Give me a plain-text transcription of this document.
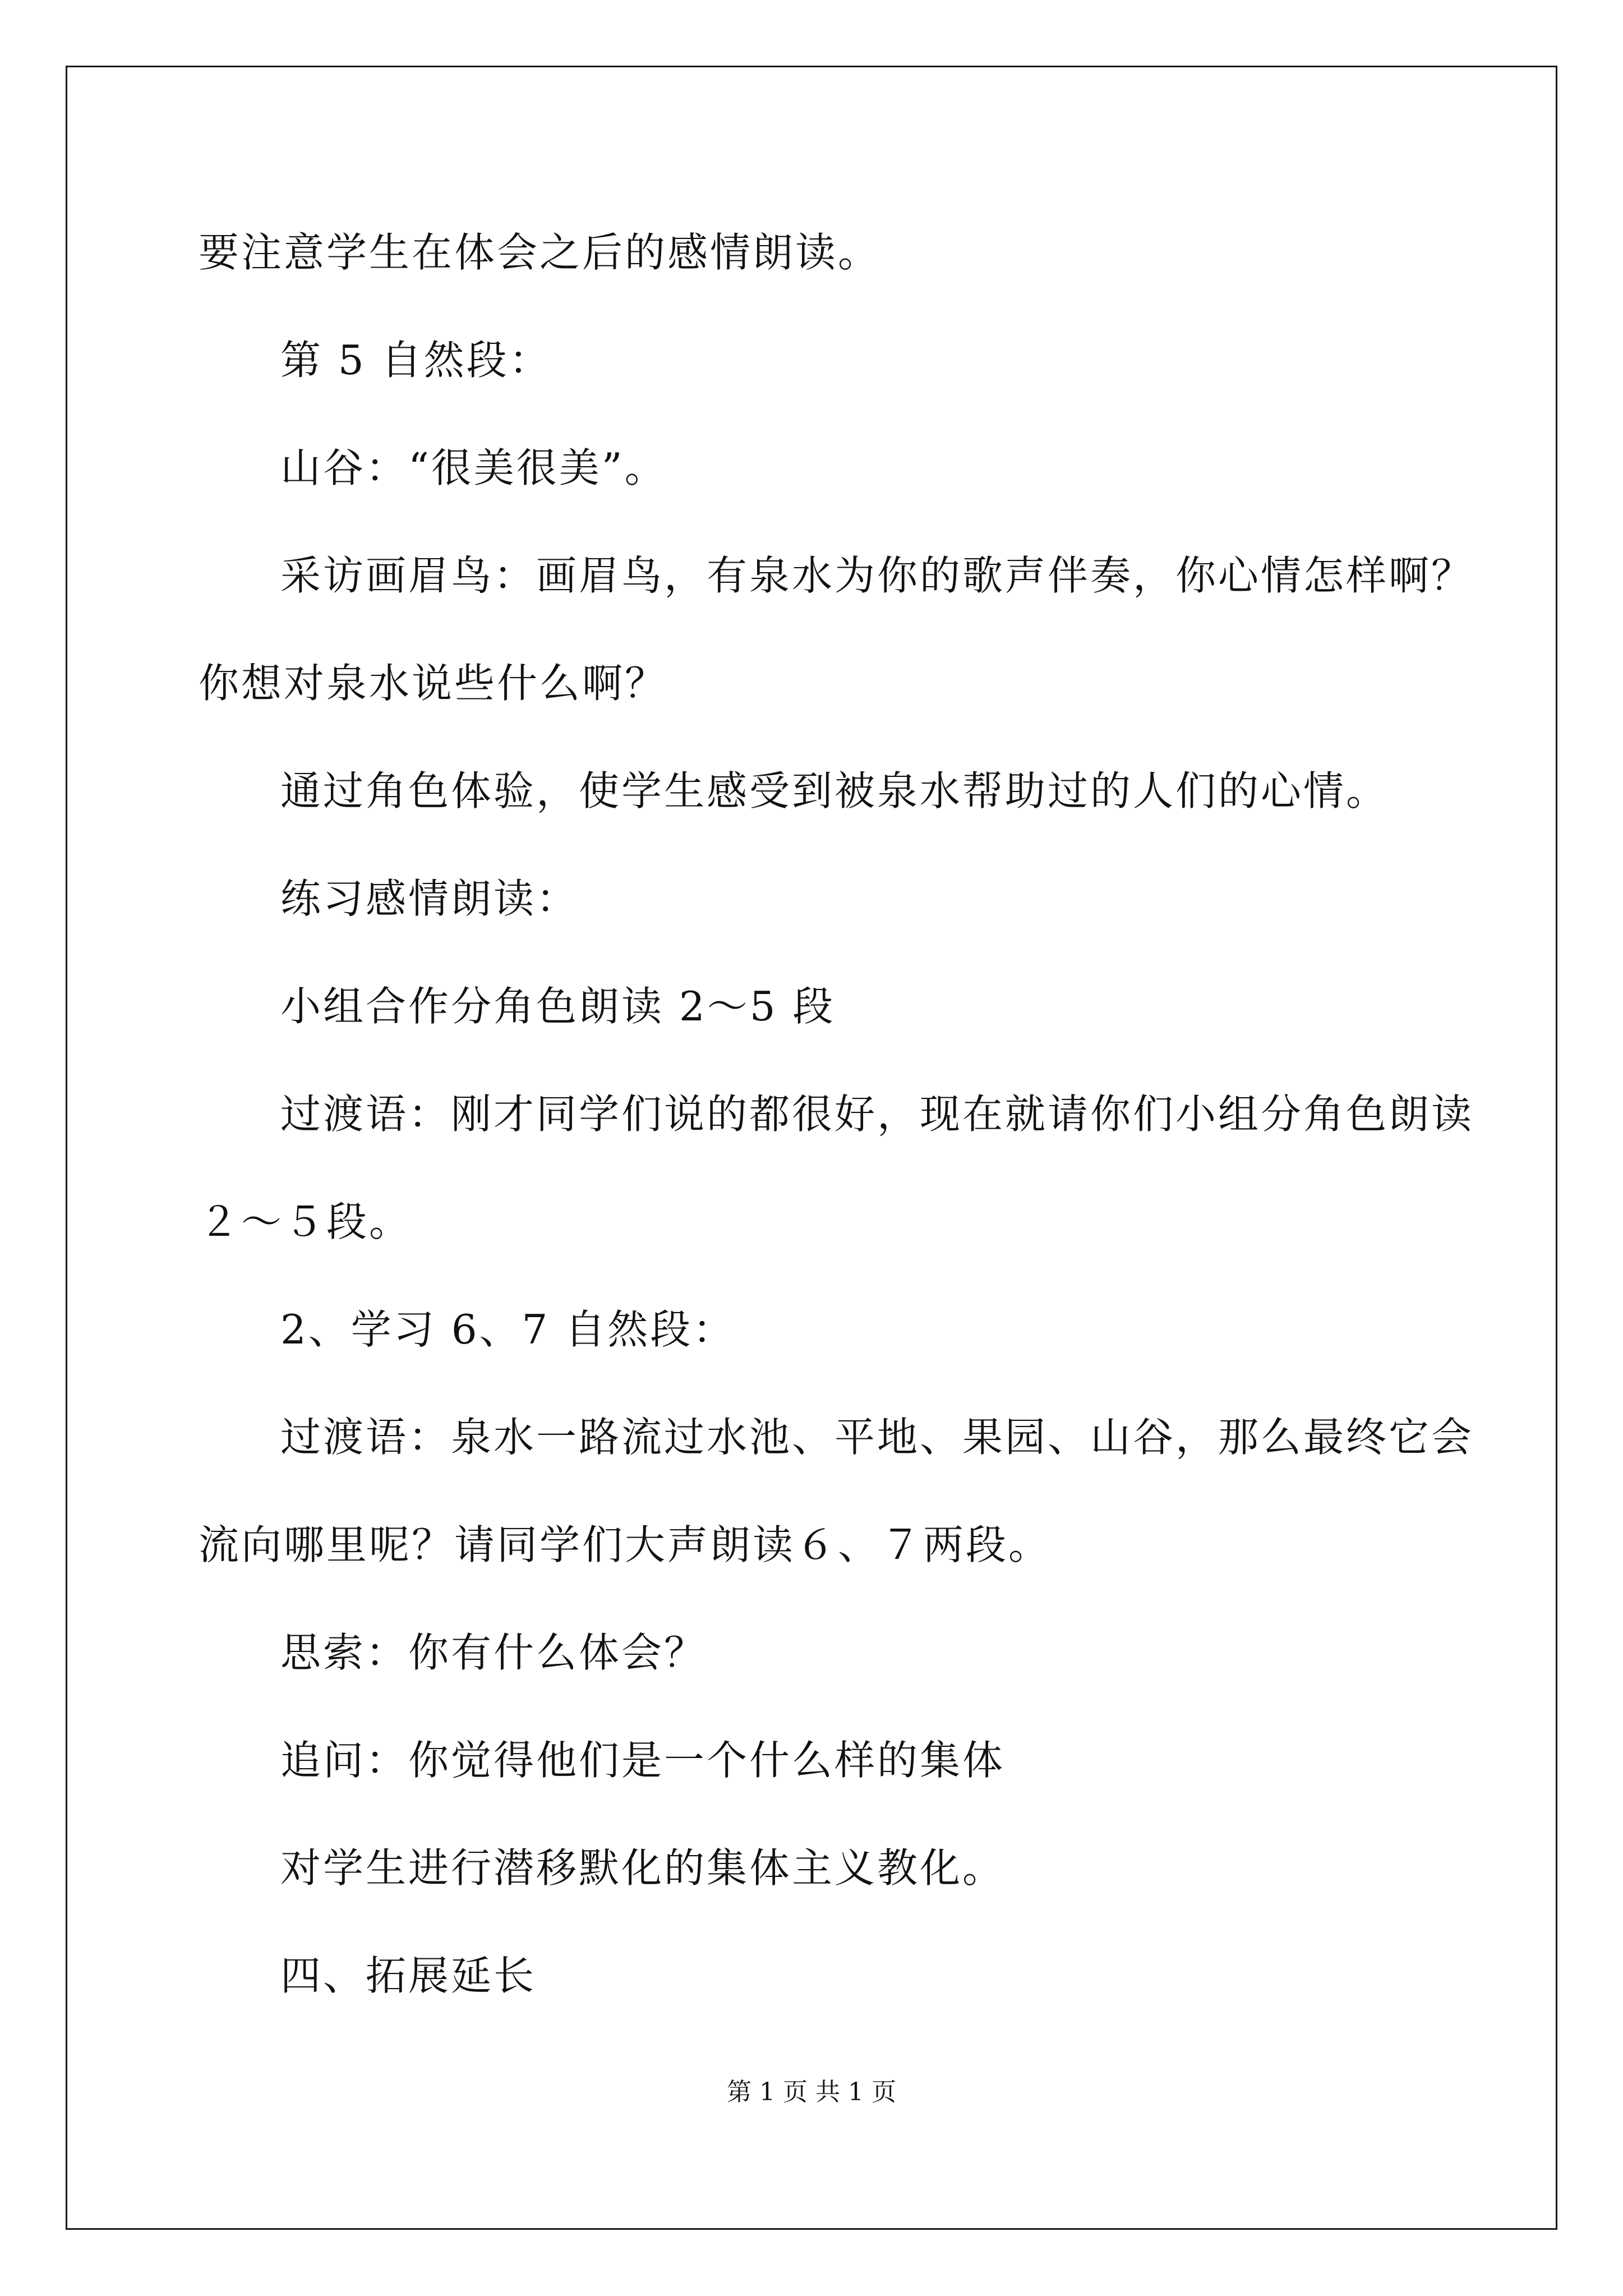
要注意学生在体会之后的感情朗读。
第 5 自然段：
山谷：“很美很美”。
采访画眉鸟：画眉鸟，有泉水为你的歌声伴奏，你心情怎样啊？
你想对泉水说些什么啊？
通过角色体验，使学生感受到被泉水帮助过的人们的心情。
练习感情朗读：
小组合作分角色朗读 2～5 段
过渡语：刚才同学们说的都很好，现在就请你们小组分角色朗读
２～５段。
2、学习 6、7 自然段：
过渡语：泉水一路流过水池、平地、果园、山谷，那么最终它会
流向哪里呢？请同学们大声朗读６、７两段。
思索：你有什么体会？
追问：你觉得他们是一个什么样的集体
对学生进行潜移默化的集体主义教化。
四、拓展延长
第 1 页 共 1 页
